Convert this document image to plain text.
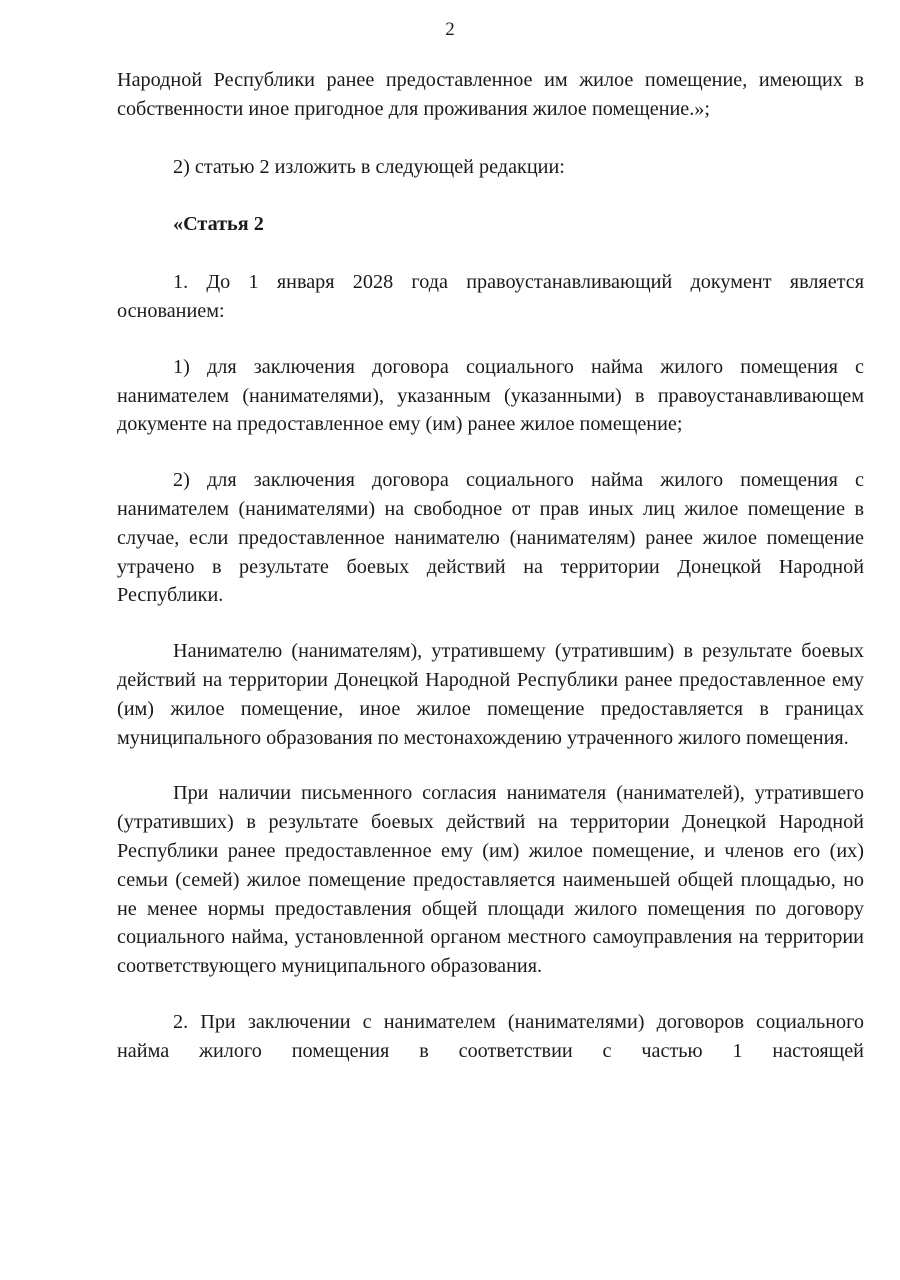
2

Народной Республики ранее предоставленное им жилое помещение, имеющих в собственности иное пригодное для проживания жилое помещение.»;

2) статью 2 изложить в следующей редакции:

«Статья 2

1. До 1 января 2028 года правоустанавливающий документ является основанием:

1) для заключения договора социального найма жилого помещения с нанимателем (нанимателями), указанным (указанными) в правоустанавливающем документе на предоставленное ему (им) ранее жилое помещение;

2) для заключения договора социального найма жилого помещения с нанимателем (нанимателями) на свободное от прав иных лиц жилое помещение в случае, если предоставленное нанимателю (нанимателям) ранее жилое помещение утрачено в результате боевых действий на территории Донецкой Народной Республики.

Нанимателю (нанимателям), утратившему (утратившим) в результате боевых действий на территории Донецкой Народной Республики ранее предоставленное ему (им) жилое помещение, иное жилое помещение предоставляется в границах муниципального образования по местонахождению утраченного жилого помещения.

При наличии письменного согласия нанимателя (нанимателей), утратившего (утративших) в результате боевых действий на территории Донецкой Народной Республики ранее предоставленное ему (им) жилое помещение, и членов его (их) семьи (семей) жилое помещение предоставляется наименьшей общей площадью, но не менее нормы предоставления общей площади жилого помещения по договору социального найма, установленной органом местного самоуправления на территории соответствующего муниципального образования.

2. При заключении с нанимателем (нанимателями) договоров социального найма жилого помещения в соответствии с частью 1 настоящей
